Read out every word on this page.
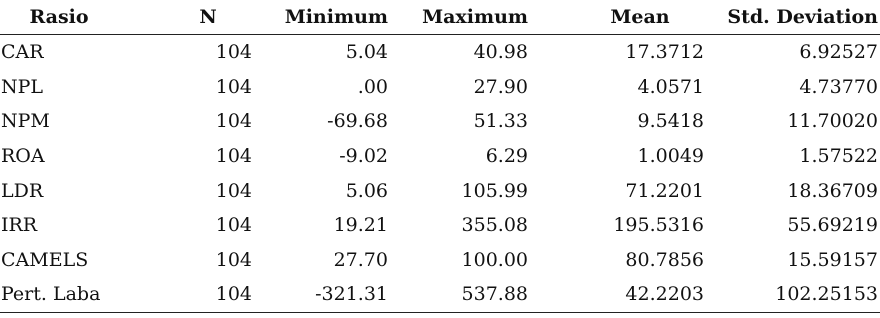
Rasio	N	Minimum	Maximum	Mean	Std. Deviation
CAR	104	5.04	40.98	17.3712	6.92527
NPL	104	.00	27.90	4.0571	4.73770
NPM	104	-69.68	51.33	9.5418	11.70020
ROA	104	-9.02	6.29	1.0049	1.57522
LDR	104	5.06	105.99	71.2201	18.36709
IRR	104	19.21	355.08	195.5316	55.69219
CAMELS	104	27.70	100.00	80.7856	15.59157
Pert. Laba	104	-321.31	537.88	42.2203	102.25153
